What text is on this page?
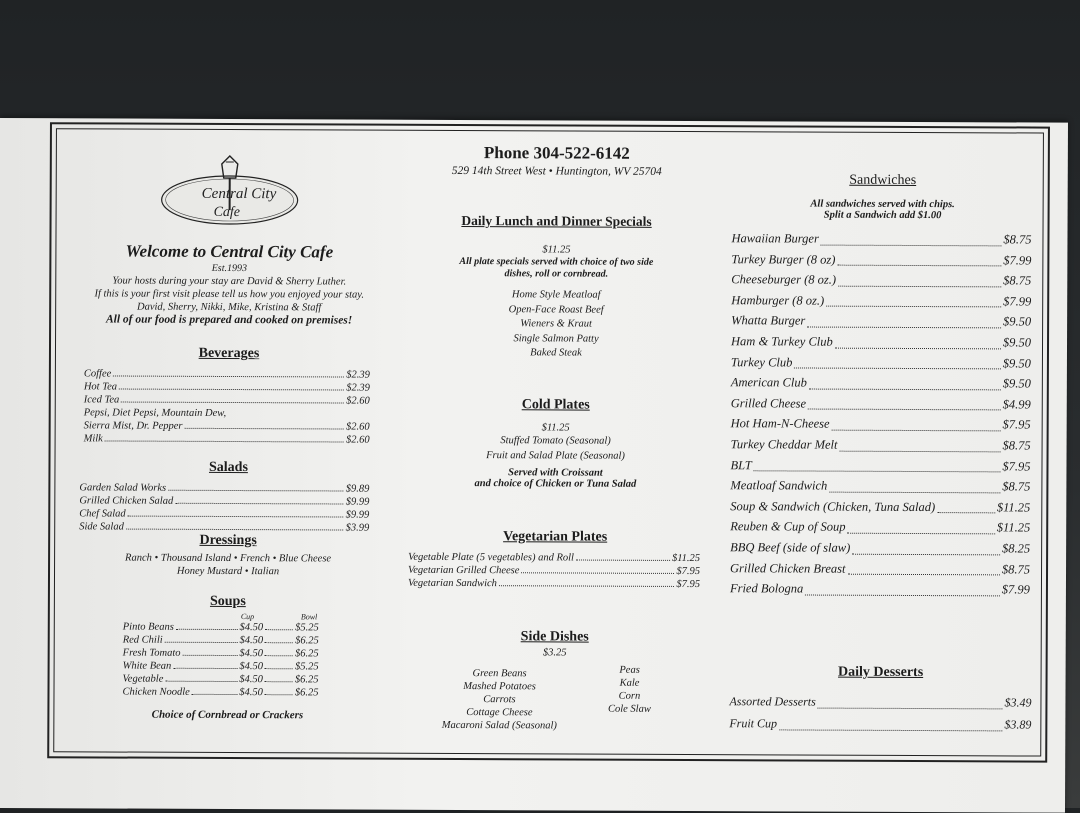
Central City
Cafe
Welcome to Central City Cafe
Est.1993
Your hosts during your stay are David & Sherry Luther.
If this is your first visit please tell us how you enjoyed your stay.
David, Sherry, Nikki, Mike, Kristina & Staff
All of our food is prepared and cooked on premises!
Beverages
Coffee	$2.39
Hot Tea	$2.39
Iced Tea	$2.60
Pepsi, Diet Pepsi, Mountain Dew,
Sierra Mist, Dr. Pepper	$2.60
Milk	$2.60
Salads
Garden Salad Works	$9.89
Grilled Chicken Salad	$9.99
Chef Salad	$9.99
Side Salad	$3.99
Dressings
Ranch • Thousand Island • French • Blue Cheese
Honey Mustard • Italian
Soups
Cup	Bowl
Pinto Beans	$4.50	$5.25
Red Chili	$4.50	$6.25
Fresh Tomato	$4.50	$6.25
White Bean	$4.50	$5.25
Vegetable	$4.50	$6.25
Chicken Noodle	$4.50	$6.25
Choice of Cornbread or Crackers
Phone 304-522-6142
529 14th Street West • Huntington, WV 25704
Daily Lunch and Dinner Specials
$11.25
All plate specials served with choice of two side dishes, roll or cornbread.
Home Style Meatloaf
Open-Face Roast Beef
Wieners & Kraut
Single Salmon Patty
Baked Steak
Cold Plates
$11.25
Stuffed Tomato (Seasonal)
Fruit and Salad Plate (Seasonal)
Served with Croissant
and choice of Chicken or Tuna Salad
Vegetarian Plates
Vegetable Plate (5 vegetables) and Roll	$11.25
Vegetarian Grilled Cheese	$7.95
Vegetarian Sandwich	$7.95
Side Dishes
$3.25
Green Beans
Mashed Potatoes
Carrots
Cottage Cheese
Macaroni Salad (Seasonal)
Peas
Kale
Corn
Cole Slaw
Sandwiches
All sandwiches served with chips.
Split a Sandwich add $1.00
Hawaiian Burger	$8.75
Turkey Burger (8 oz)	$7.99
Cheeseburger (8 oz.)	$8.75
Hamburger (8 oz.)	$7.99
Whatta Burger	$9.50
Ham & Turkey Club	$9.50
Turkey Club	$9.50
American Club	$9.50
Grilled Cheese	$4.99
Hot Ham-N-Cheese	$7.95
Turkey Cheddar Melt	$8.75
BLT	$7.95
Meatloaf Sandwich	$8.75
Soup & Sandwich (Chicken, Tuna Salad)	$11.25
Reuben & Cup of Soup	$11.25
BBQ Beef (side of slaw)	$8.25
Grilled Chicken Breast	$8.75
Fried Bologna	$7.99
Daily Desserts
Assorted Desserts	$3.49
Fruit Cup	$3.89
